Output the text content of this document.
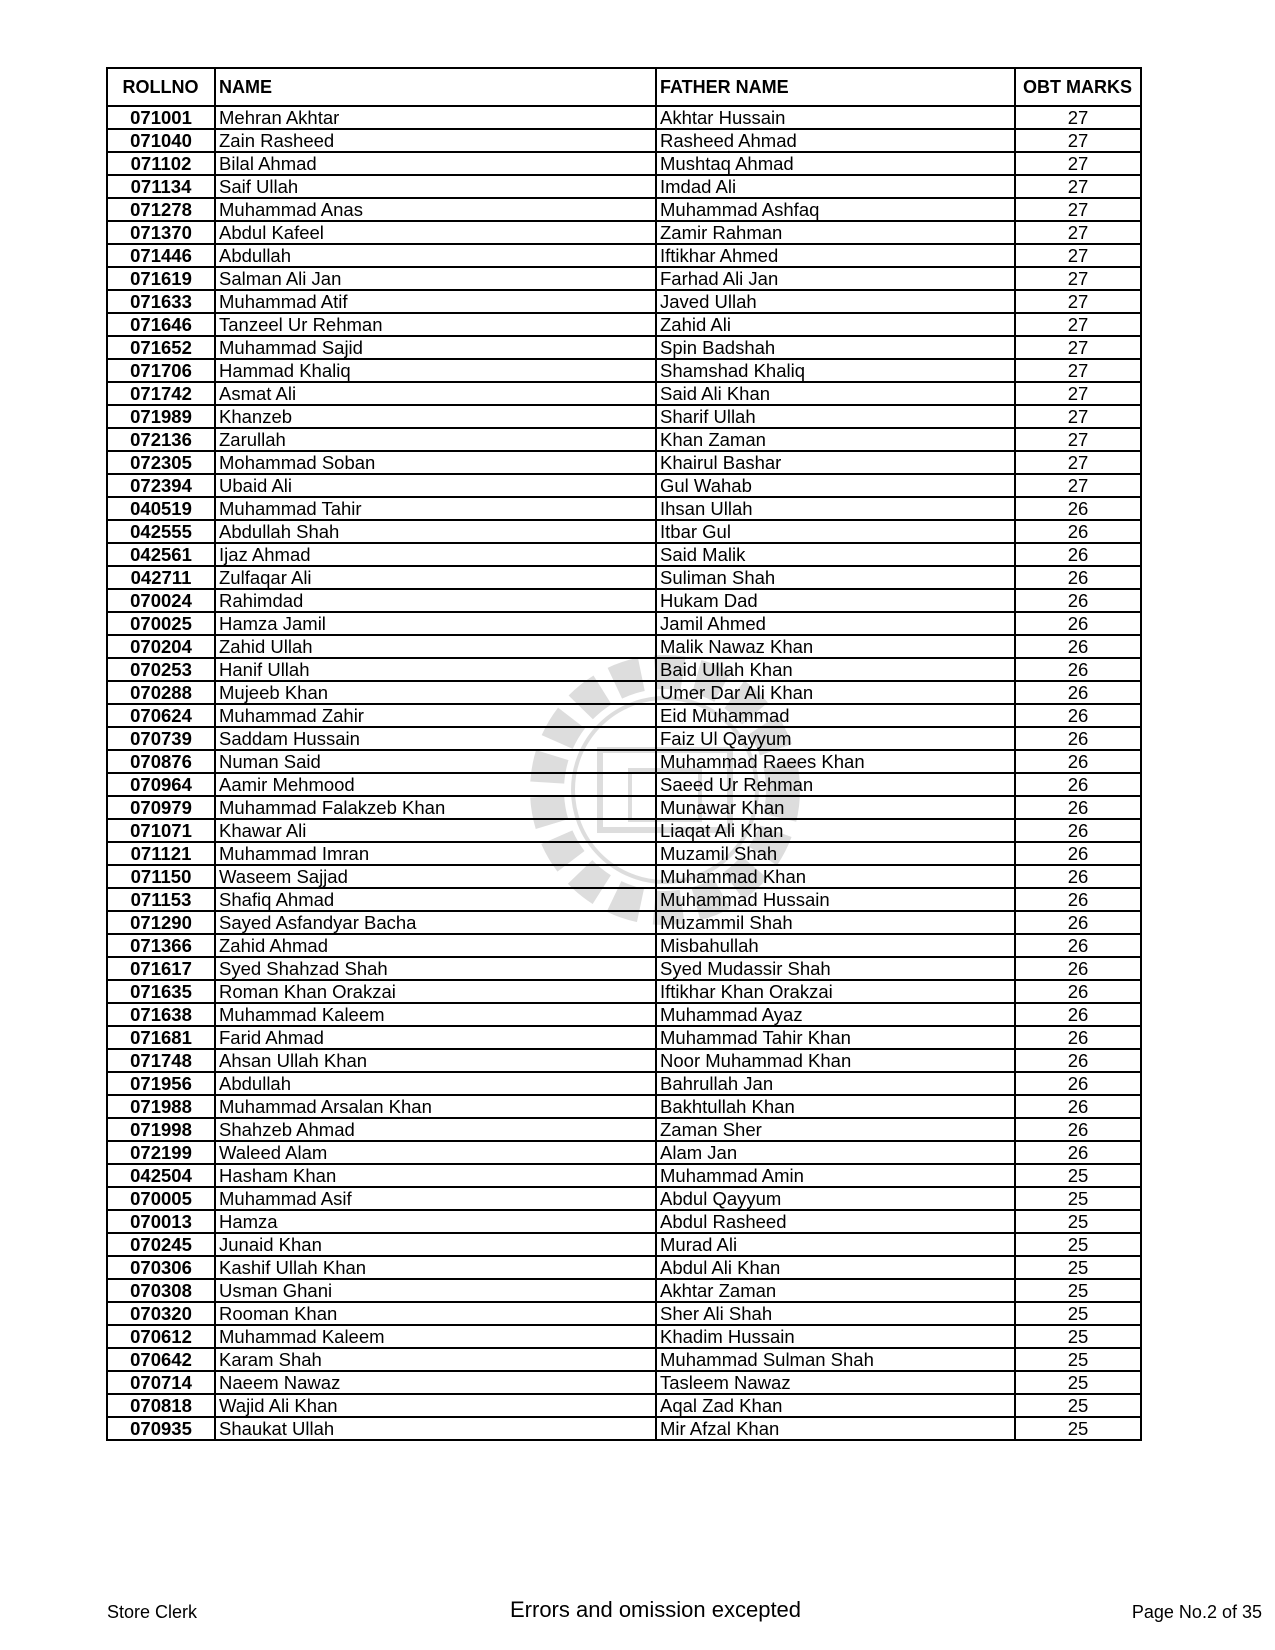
ROLLNO	NAME	FATHER NAME	OBT MARKS
071001	Mehran Akhtar	Akhtar Hussain	27
071040	Zain Rasheed	Rasheed Ahmad	27
071102	Bilal Ahmad	Mushtaq Ahmad	27
071134	Saif Ullah	Imdad Ali	27
071278	Muhammad Anas	Muhammad Ashfaq	27
071370	Abdul Kafeel	Zamir Rahman	27
071446	Abdullah	Iftikhar Ahmed	27
071619	Salman Ali Jan	Farhad Ali Jan	27
071633	Muhammad Atif	Javed Ullah	27
071646	Tanzeel Ur Rehman	Zahid Ali	27
071652	Muhammad Sajid	Spin Badshah	27
071706	Hammad Khaliq	Shamshad Khaliq	27
071742	Asmat Ali	Said Ali Khan	27
071989	Khanzeb	Sharif Ullah	27
072136	Zarullah	Khan Zaman	27
072305	Mohammad Soban	Khairul Bashar	27
072394	Ubaid Ali	Gul Wahab	27
040519	Muhammad Tahir	Ihsan Ullah	26
042555	Abdullah Shah	Itbar Gul	26
042561	Ijaz Ahmad	Said Malik	26
042711	Zulfaqar Ali	Suliman Shah	26
070024	Rahimdad	Hukam Dad	26
070025	Hamza Jamil	Jamil Ahmed	26
070204	Zahid Ullah	Malik Nawaz Khan	26
070253	Hanif Ullah	Baid Ullah Khan	26
070288	Mujeeb Khan	Umer Dar Ali Khan	26
070624	Muhammad Zahir	Eid Muhammad	26
070739	Saddam Hussain	Faiz Ul Qayyum	26
070876	Numan Said	Muhammad Raees Khan	26
070964	Aamir Mehmood	Saeed Ur Rehman	26
070979	Muhammad Falakzeb Khan	Munawar Khan	26
071071	Khawar Ali	Liaqat Ali Khan	26
071121	Muhammad Imran	Muzamil Shah	26
071150	Waseem Sajjad	Muhammad Khan	26
071153	Shafiq Ahmad	Muhammad Hussain	26
071290	Sayed Asfandyar Bacha	Muzammil Shah	26
071366	Zahid Ahmad	Misbahullah	26
071617	Syed Shahzad Shah	Syed Mudassir Shah	26
071635	Roman Khan Orakzai	Iftikhar Khan Orakzai	26
071638	Muhammad Kaleem	Muhammad Ayaz	26
071681	Farid Ahmad	Muhammad Tahir Khan	26
071748	Ahsan Ullah Khan	Noor Muhammad Khan	26
071956	Abdullah	Bahrullah Jan	26
071988	Muhammad Arsalan Khan	Bakhtullah Khan	26
071998	Shahzeb Ahmad	Zaman Sher	26
072199	Waleed Alam	Alam Jan	26
042504	Hasham Khan	Muhammad Amin	25
070005	Muhammad Asif	Abdul Qayyum	25
070013	Hamza	Abdul Rasheed	25
070245	Junaid Khan	Murad Ali	25
070306	Kashif Ullah Khan	Abdul Ali Khan	25
070308	Usman Ghani	Akhtar Zaman	25
070320	Rooman Khan	Sher Ali Shah	25
070612	Muhammad Kaleem	Khadim Hussain	25
070642	Karam Shah	Muhammad Sulman Shah	25
070714	Naeem Nawaz	Tasleem Nawaz	25
070818	Wajid Ali Khan	Aqal Zad Khan	25
070935	Shaukat Ullah	Mir Afzal Khan	25
Store Clerk	Errors and omission excepted	Page No.2 of 35
